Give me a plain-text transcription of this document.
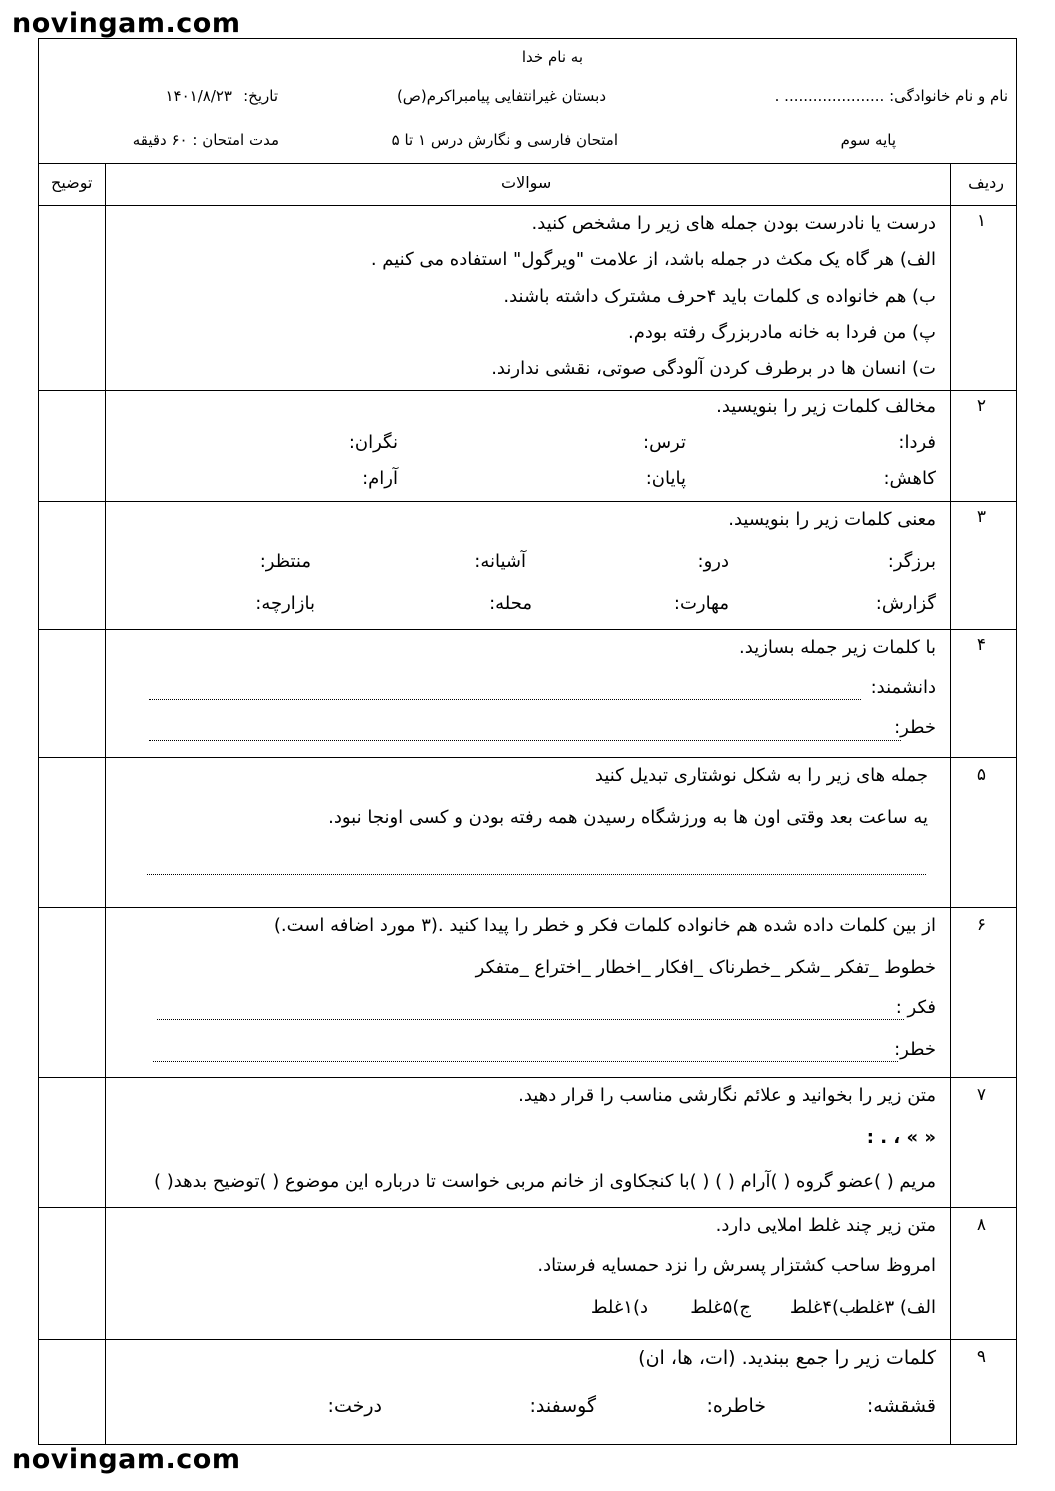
novingam.com
به نام خدا
نام و نام خانوادگی: ..................... .
دبستان غیرانتفایی پیامبراکرم(ص)
تاریخ:
۱۴۰۱/۸/۲۳
پایه سوم
امتحان فارسی و نگارش درس ۱ تا ۵
مدت امتحان : ۶۰ دقیقه
ردیف
سوالات
توضیح
۱
درست یا نادرست بودن جمله های زیر را مشخص کنید.
الف) هر گاه یک مکث در جمله باشد، از علامت "ویرگول" استفاده می کنیم .
ب) هم خانواده ی کلمات باید ۴حرف مشترک داشته باشند.
پ) من فردا به خانه مادربزرگ رفته بودم.
ت) انسان ها در برطرف کردن آلودگی صوتی، نقشی ندارند.
۲
مخالف کلمات زیر را بنویسید.
فردا:
ترس:
نگران:
کاهش:
پایان:
آرام:
۳
معنی کلمات زیر را بنویسید.
برزگر:
درو:
آشیانه:
منتظر:
گزارش:
مهارت:
محله:
بازارچه:
۴
با کلمات زیر جمله بسازید.
دانشمند:
خطر:
۵
جمله های زیر را به شکل نوشتاری تبدیل کنید
یه ساعت بعد وقتی اون ها به ورزشگاه رسیدن همه رفته بودن و کسی اونجا نبود.
۶
از بین کلمات داده شده هم خانواده کلمات فکر و خطر را پیدا کنید .(۳ مورد اضافه است.)
خطوط _تفکر _شکر _خطرناک _افکار _اخطار _اختراع _متفکر
فکر :
خطر:
۷
متن زیر را بخوانید و علائم نگارشی مناسب را قرار دهید.
« » ، . :
مریم ( )عضو گروه ( )آرام ( ) ( )با کنجکاوی از خانم مربی خواست تا درباره این موضوع ( )توضیح بدهد( )
۸
متن زیر چند غلط املایی دارد.
امروظ ساحب کشتزار پسرش را نزد حمسایه فرستاد.
الف) ۳غلط
ب)۴غلط
ج)۵غلط
د)۱غلط
۹
کلمات زیر را جمع ببندید. (ات، ها، ان)
قشقشه:
خاطره:
گوسفند:
درخت:
novingam.com
